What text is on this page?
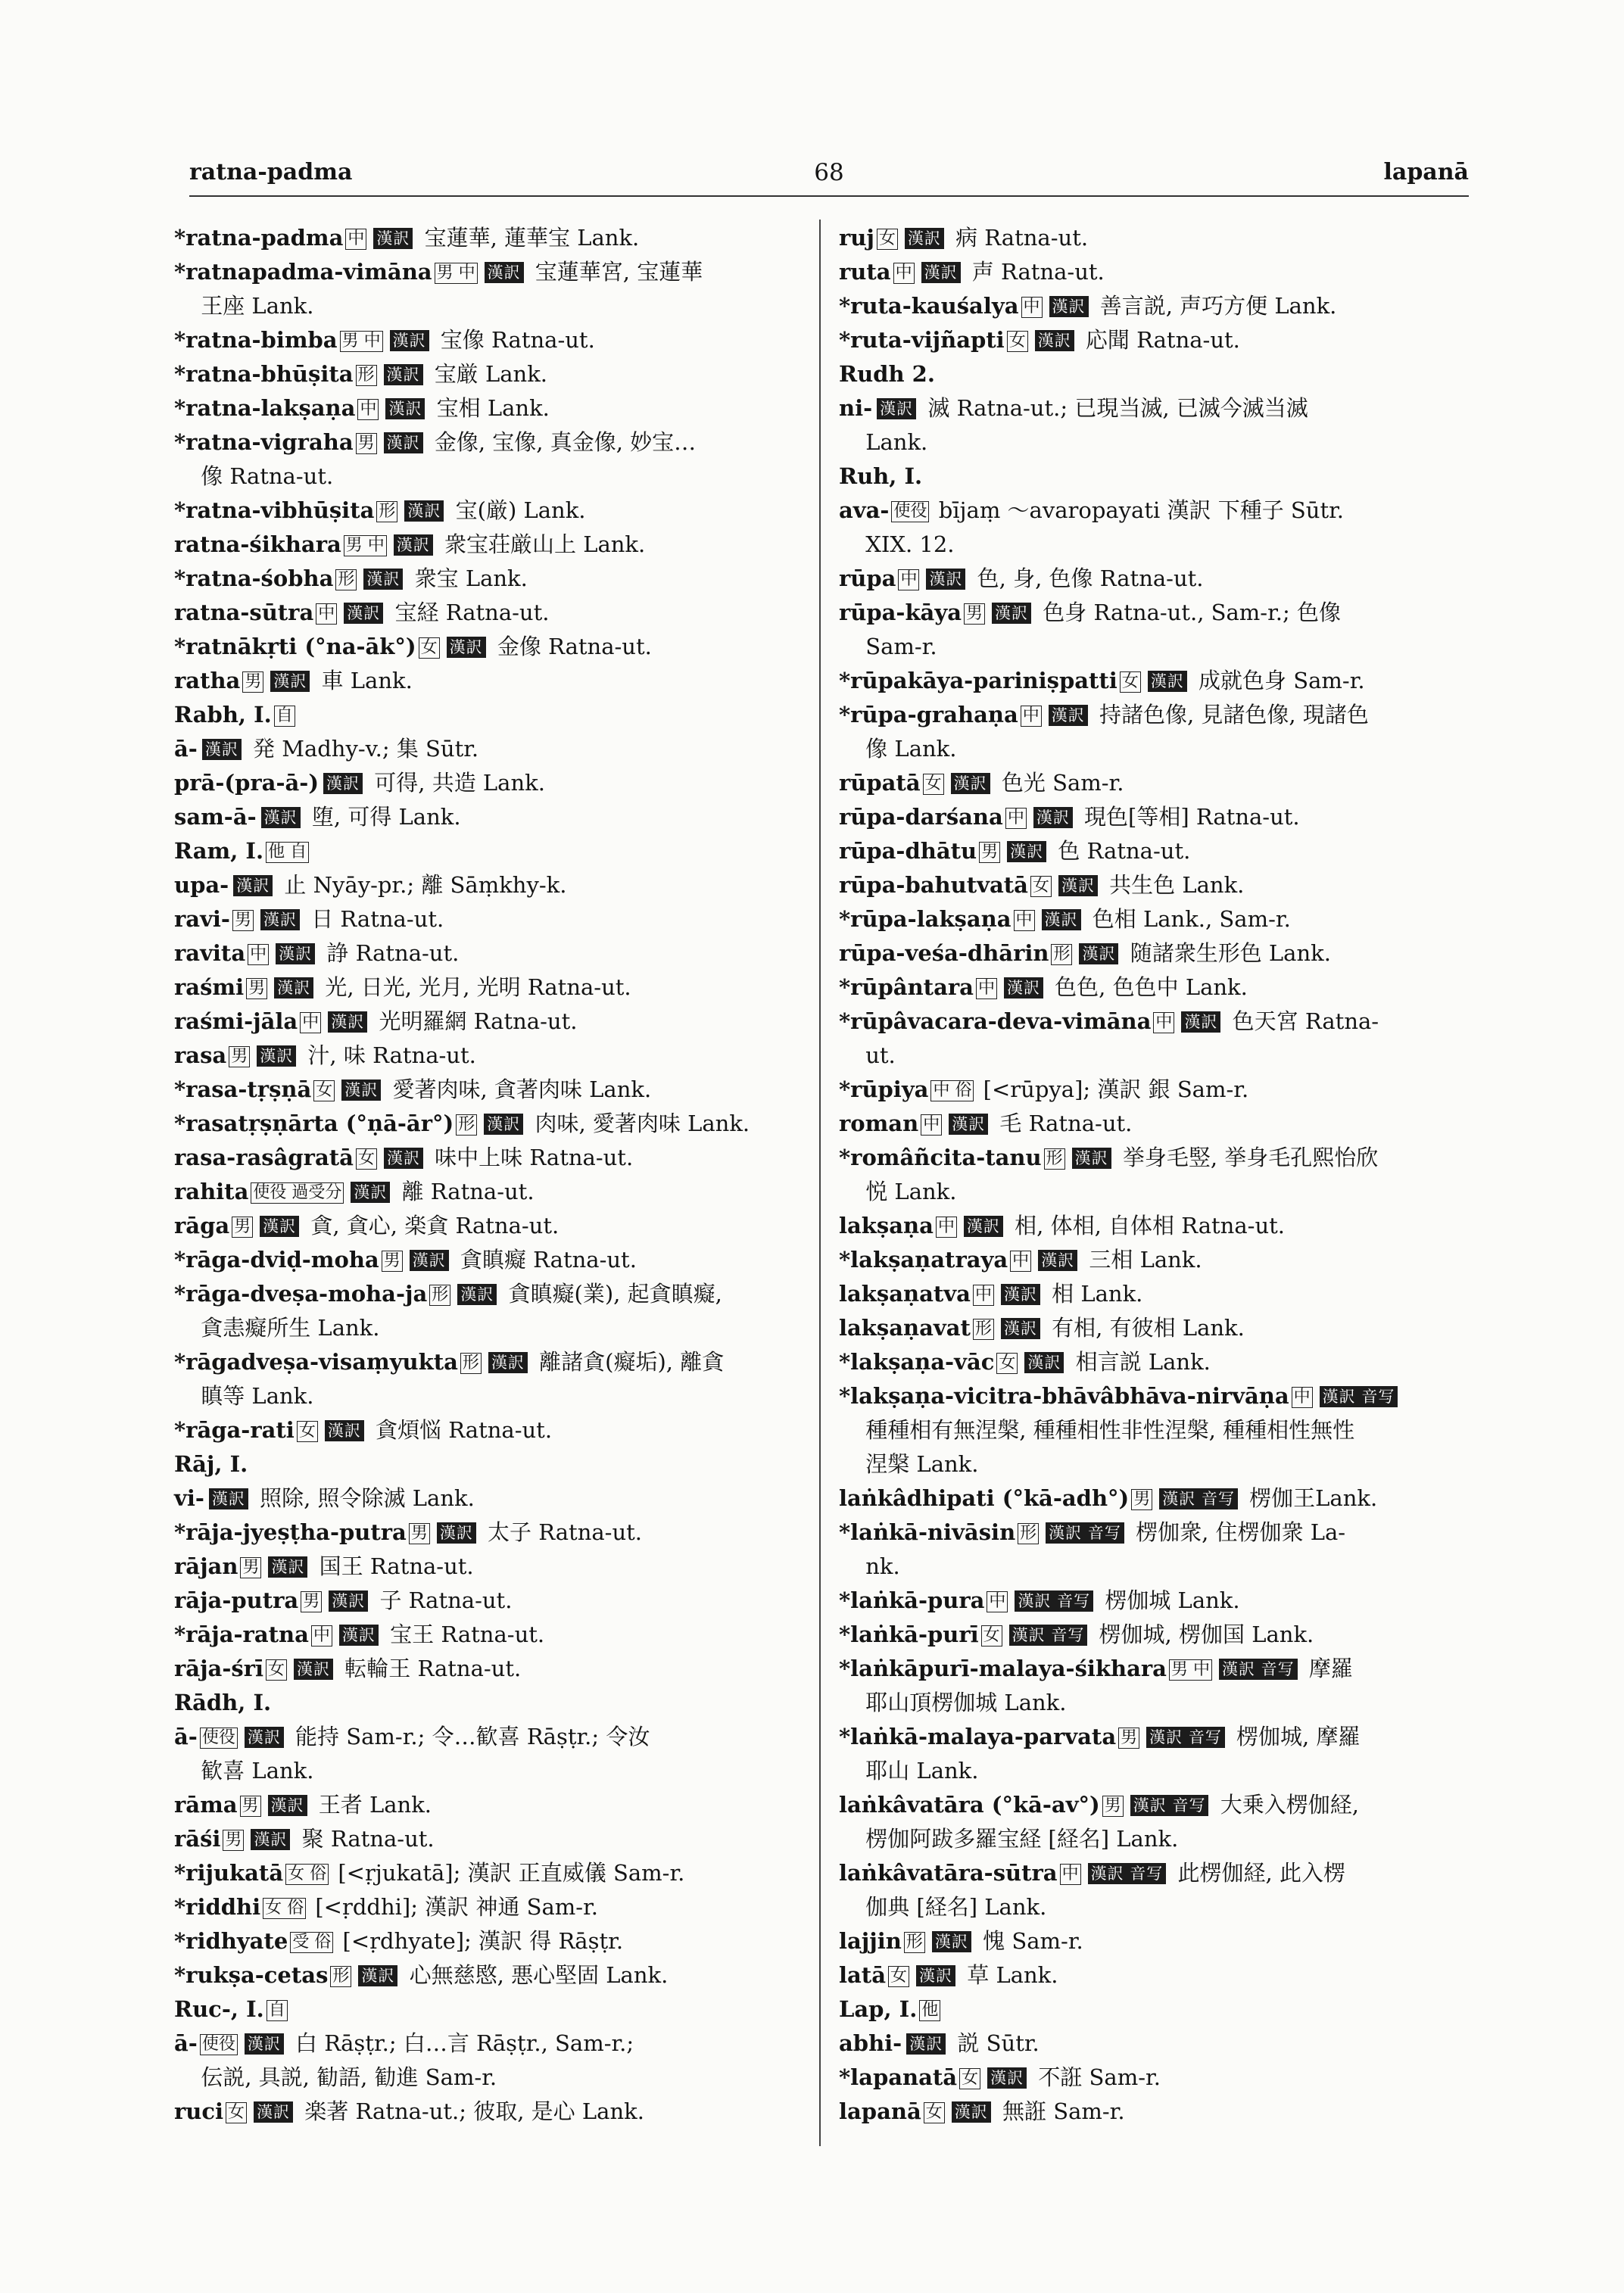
68
ratna-padma	lapanā
*ratna-padma 中 漢訳 宝蓮華, 蓮華宝 Lank.
*ratnapadma-vimāna 男 中 漢訳 宝蓮華宮, 宝蓮華
王座 Lank.
*ratna-bimba 男 中 漢訳 宝像 Ratna-ut.
*ratna-bhūṣita 形 漢訳 宝厳 Lank.
*ratna-lakṣaṇa 中 漢訳 宝相 Lank.
*ratna-vigraha 男 漢訳 金像, 宝像, 真金像, 妙宝…
像 Ratna-ut.
*ratna-vibhūṣita 形 漢訳 宝(厳) Lank.
ratna-śikhara 男 中 漢訳 衆宝荘厳山上 Lank.
*ratna-śobha 形 漢訳 衆宝 Lank.
ratna-sūtra 中 漢訳 宝経 Ratna-ut.
*ratnākṛti (°na-āk°) 女 漢訳 金像 Ratna-ut.
ratha 男 漢訳 車 Lank.
Rabh, I. 自
ā- 漢訳 発 Madhy-v.; 集 Sūtr.
prā-(pra-ā-) 漢訳 可得, 共造 Lank.
sam-ā- 漢訳 堕, 可得 Lank.
Ram, I. 他 自
upa- 漢訳 止 Nyāy-pr.; 離 Sāṃkhy-k.
ravi- 男 漢訳 日 Ratna-ut.
ravita 中 漢訳 諍 Ratna-ut.
raśmi 男 漢訳 光, 日光, 光月, 光明 Ratna-ut.
raśmi-jāla 中 漢訳 光明羅網 Ratna-ut.
rasa 男 漢訳 汁, 味 Ratna-ut.
*rasa-tṛṣṇā 女 漢訳 愛著肉味, 貪著肉味 Lank.
*rasatṛṣṇārta (°ṇā-ār°) 形 漢訳 肉味, 愛著肉味 Lank.
rasa-rasâgratā 女 漢訳 味中上味 Ratna-ut.
rahita 使役 過受分 漢訳 離 Ratna-ut.
rāga 男 漢訳 貪, 貪心, 楽貪 Ratna-ut.
*rāga-dviḍ-moha 男 漢訳 貪瞋癡 Ratna-ut.
*rāga-dveṣa-moha-ja 形 漢訳 貪瞋癡(業), 起貪瞋癡,
貪恚癡所生 Lank.
*rāgadveṣa-visaṃyukta 形 漢訳 離諸貪(癡垢), 離貪
瞋等 Lank.
*rāga-rati 女 漢訳 貪煩悩 Ratna-ut.
Rāj, I.
vi- 漢訳 照除, 照令除滅 Lank.
*rāja-jyeṣṭha-putra 男 漢訳 太子 Ratna-ut.
rājan 男 漢訳 国王 Ratna-ut.
rāja-putra 男 漢訳 子 Ratna-ut.
*rāja-ratna 中 漢訳 宝王 Ratna-ut.
rāja-śrī 女 漢訳 転輪王 Ratna-ut.
Rādh, I.
ā- 使役 漢訳 能持 Sam-r.; 令…歓喜 Rāṣṭr.; 令汝
歓喜 Lank.
rāma 男 漢訳 王者 Lank.
rāśi 男 漢訳 聚 Ratna-ut.
*rijukatā 女 俗 [<ṛjukatā]; 漢訳 正直威儀 Sam-r.
*riddhi 女 俗 [<ṛddhi]; 漢訳 神通 Sam-r.
*ridhyate 受 俗 [<ṛdhyate]; 漢訳 得 Rāṣṭr.
*rukṣa-cetas 形 漢訳 心無慈愍, 悪心堅固 Lank.
Ruc-, I. 自
ā- 使役 漢訳 白 Rāṣṭr.; 白…言 Rāṣṭr., Sam-r.;
伝説, 具説, 勧語, 勧進 Sam-r.
ruci 女 漢訳 楽著 Ratna-ut.; 彼取, 是心 Lank.
ruj 女 漢訳 病 Ratna-ut.
ruta 中 漢訳 声 Ratna-ut.
*ruta-kauśalya 中 漢訳 善言説, 声巧方便 Lank.
*ruta-vijñapti 女 漢訳 応聞 Ratna-ut.
Rudh 2.
ni- 漢訳 滅 Ratna-ut.; 已現当滅, 已滅今滅当滅
Lank.
Ruh, I.
ava- 使役 bījaṃ ～avaropayati 漢訳 下種子 Sūtr.
XIX. 12.
rūpa 中 漢訳 色, 身, 色像 Ratna-ut.
rūpa-kāya 男 漢訳 色身 Ratna-ut., Sam-r.; 色像
Sam-r.
*rūpakāya-pariniṣpatti 女 漢訳 成就色身 Sam-r.
*rūpa-grahaṇa 中 漢訳 持諸色像, 見諸色像, 現諸色
像 Lank.
rūpatā 女 漢訳 色光 Sam-r.
rūpa-darśana 中 漢訳 現色[等相] Ratna-ut.
rūpa-dhātu 男 漢訳 色 Ratna-ut.
rūpa-bahutvatā 女 漢訳 共生色 Lank.
*rūpa-lakṣaṇa 中 漢訳 色相 Lank., Sam-r.
rūpa-veśa-dhārin 形 漢訳 随諸衆生形色 Lank.
*rūpântara 中 漢訳 色色, 色色中 Lank.
*rūpâvacara-deva-vimāna 中 漢訳 色天宮 Ratna-
ut.
*rūpiya 中 俗 [<rūpya]; 漢訳 銀 Sam-r.
roman 中 漢訳 毛 Ratna-ut.
*româñcita-tanu 形 漢訳 挙身毛竪, 挙身毛孔熙怡欣
悦 Lank.
lakṣaṇa 中 漢訳 相, 体相, 自体相 Ratna-ut.
*lakṣaṇatraya 中 漢訳 三相 Lank.
lakṣaṇatva 中 漢訳 相 Lank.
lakṣaṇavat 形 漢訳 有相, 有彼相 Lank.
*lakṣaṇa-vāc 女 漢訳 相言説 Lank.
*lakṣaṇa-vicitra-bhāvâbhāva-nirvāṇa 中 漢訳 音写
種種相有無涅槃, 種種相性非性涅槃, 種種相性無性
涅槃 Lank.
laṅkâdhipati (°kā-adh°) 男 漢訳 音写 楞伽王Lank.
*laṅkā-nivāsin 形 漢訳 音写 楞伽衆, 住楞伽衆 La-
nk.
*laṅkā-pura 中 漢訳 音写 楞伽城 Lank.
*laṅkā-purī 女 漢訳 音写 楞伽城, 楞伽国 Lank.
*laṅkāpurī-malaya-śikhara 男 中 漢訳 音写 摩羅
耶山頂楞伽城 Lank.
*laṅkā-malaya-parvata 男 漢訳 音写 楞伽城, 摩羅
耶山 Lank.
laṅkâvatāra (°kā-av°) 男 漢訳 音写 大乗入楞伽経,
楞伽阿跋多羅宝経 [経名] Lank.
laṅkâvatāra-sūtra 中 漢訳 音写 此楞伽経, 此入楞
伽典 [経名] Lank.
lajjin 形 漢訳 愧 Sam-r.
latā 女 漢訳 草 Lank.
Lap, I. 他
abhi- 漢訳 説 Sūtr.
*lapanatā 女 漢訳 不誑 Sam-r.
lapanā 女 漢訳 無誑 Sam-r.
